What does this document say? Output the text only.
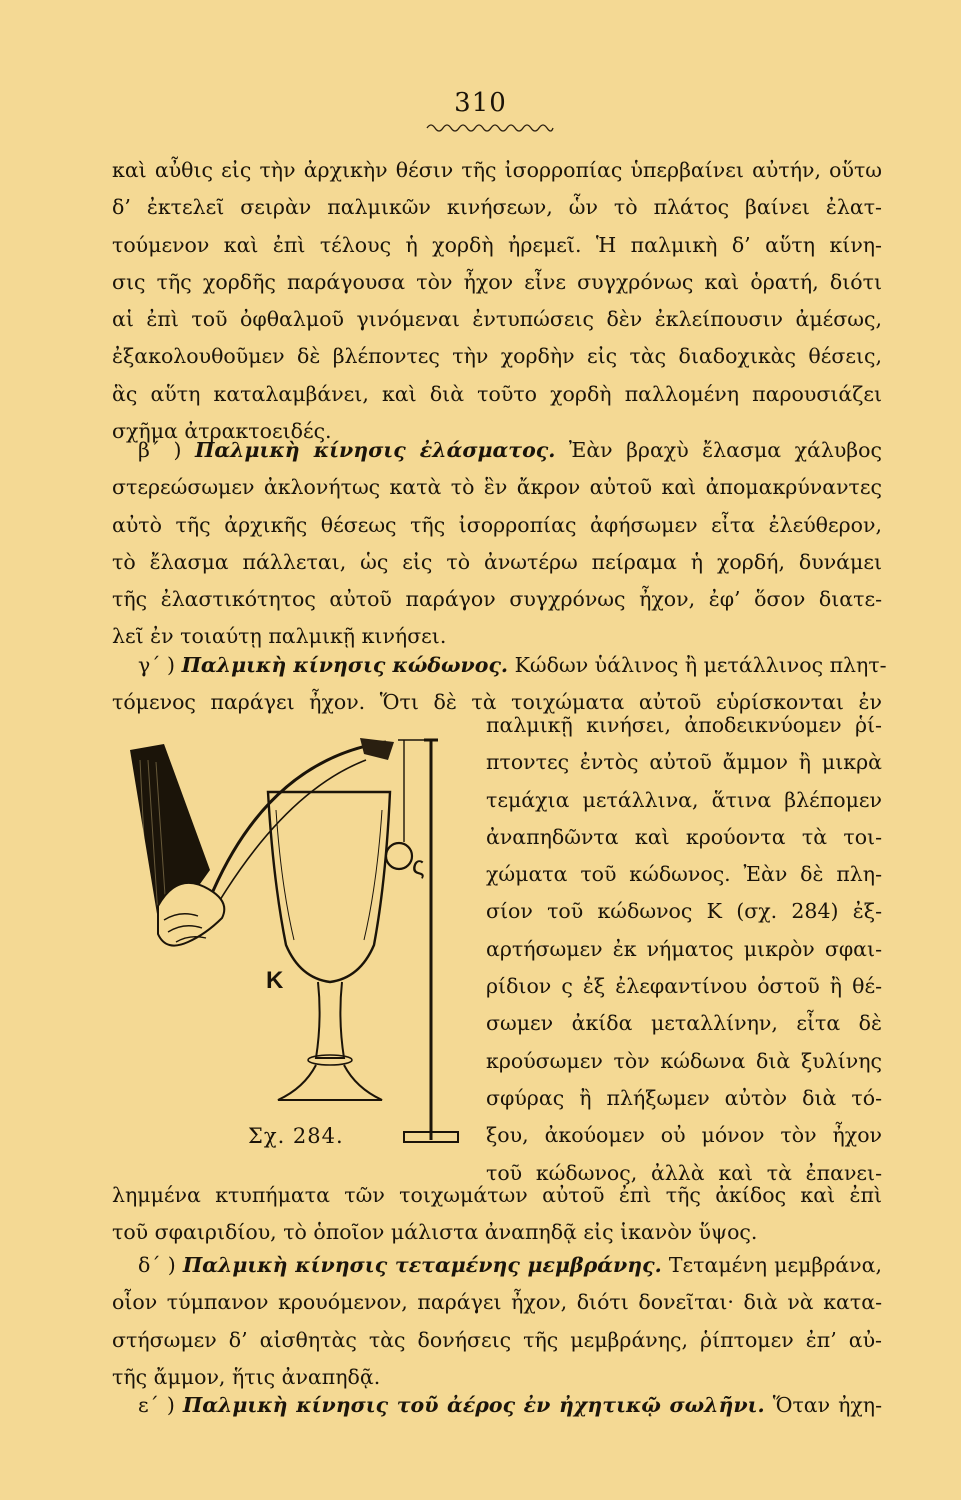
310
καὶ αὖθις εἰς τὴν ἀρχικὴν θέσιν τῆς ἰσορροπίας ὑπερβαίνει αὐτήν, οὕτω
δ’ ἐκτελεῖ σειρὰν παλμικῶν κινήσεων, ὧν τὸ πλάτος βαίνει ἐλατ-
τούμενον καὶ ἐπὶ τέλους ἡ χορδὴ ἠρεμεῖ. Ἡ παλμικὴ δ’ αὕτη κίνη-
σις τῆς χορδῆς παράγουσα τὸν ἦχον εἶνε συγχρόνως καὶ ὁρατή, διότι
αἱ ἐπὶ τοῦ ὀφθαλμοῦ γινόμεναι ἐντυπώσεις δὲν ἐκλείπουσιν ἀμέσως,
ἐξακολουθοῦμεν δὲ βλέποντες τὴν χορδὴν εἰς τὰς διαδοχικὰς θέσεις,
ἃς αὕτη καταλαμβάνει, καὶ διὰ τοῦτο χορδὴ παλλομένη παρουσιάζει
σχῆμα ἀτρακτοειδές.
β΄ ) Παλμικὴ κίνησις ἐλάσματος. Ἐὰν βραχὺ ἔλασμα χάλυβος
στερεώσωμεν ἀκλονήτως κατὰ τὸ ἓν ἄκρον αὐτοῦ καὶ ἀπομακρύναντες
αὐτὸ τῆς ἀρχικῆς θέσεως τῆς ἰσορροπίας ἀφήσωμεν εἶτα ἐλεύθερον,
τὸ ἔλασμα πάλλεται, ὡς εἰς τὸ ἀνωτέρω πείραμα ἡ χορδή, δυνάμει
τῆς ἐλαστικότητος αὐτοῦ παράγον συγχρόνως ἦχον, ἐφ’ ὅσον διατε-
λεῖ ἐν τοιαύτῃ παλμικῇ κινήσει.
γ΄ ) Παλμικὴ κίνησις κώδωνος. Κώδων ὑάλινος ἢ μετάλλινος πλητ-
τόμενος παράγει ἦχον. Ὅτι δὲ τὰ τοιχώματα αὐτοῦ εὑρίσκονται ἐν
ς
Κ
Σχ. 284.
παλμικῇ κινήσει, ἀποδεικνύομεν ῥί-
πτοντες ἐντὸς αὐτοῦ ἄμμον ἢ μικρὰ
τεμάχια μετάλλινα, ἅτινα βλέπομεν
ἀναπηδῶντα καὶ κρούοντα τὰ τοι-
χώματα τοῦ κώδωνος. Ἐὰν δὲ πλη-
σίον τοῦ κώδωνος Κ (σχ. 284) ἐξ-
αρτήσωμεν ἐκ νήματος μικρὸν σφαι-
ρίδιον ς ἐξ ἐλεφαντίνου ὀστοῦ ἢ θέ-
σωμεν ἀκίδα μεταλλίνην, εἶτα δὲ
κρούσωμεν τὸν κώδωνα διὰ ξυλίνης
σφύρας ἢ πλήξωμεν αὐτὸν διὰ τό-
ξου, ἀκούομεν οὐ μόνον τὸν ἦχον
τοῦ κώδωνος, ἀλλὰ καὶ τὰ ἐπανει-
λημμένα κτυπήματα τῶν τοιχωμάτων αὐτοῦ ἐπὶ τῆς ἀκίδος καὶ ἐπὶ
τοῦ σφαιριδίου, τὸ ὁποῖον μάλιστα ἀναπηδᾷ εἰς ἱκανὸν ὕψος.
δ΄ ) Παλμικὴ κίνησις τεταμένης μεμβράνης. Τεταμένη μεμβράνα,
οἷον τύμπανον κρουόμενον, παράγει ἦχον, διότι δονεῖται· διὰ νὰ κατα-
στήσωμεν δ’ αἰσθητὰς τὰς δονήσεις τῆς μεμβράνης, ῥίπτομεν ἐπ’ αὐ-
τῆς ἄμμον, ἥτις ἀναπηδᾷ.
ε΄ ) Παλμικὴ κίνησις τοῦ ἀέρος ἐν ἠχητικῷ σωλῆνι. Ὅταν ἠχη-
